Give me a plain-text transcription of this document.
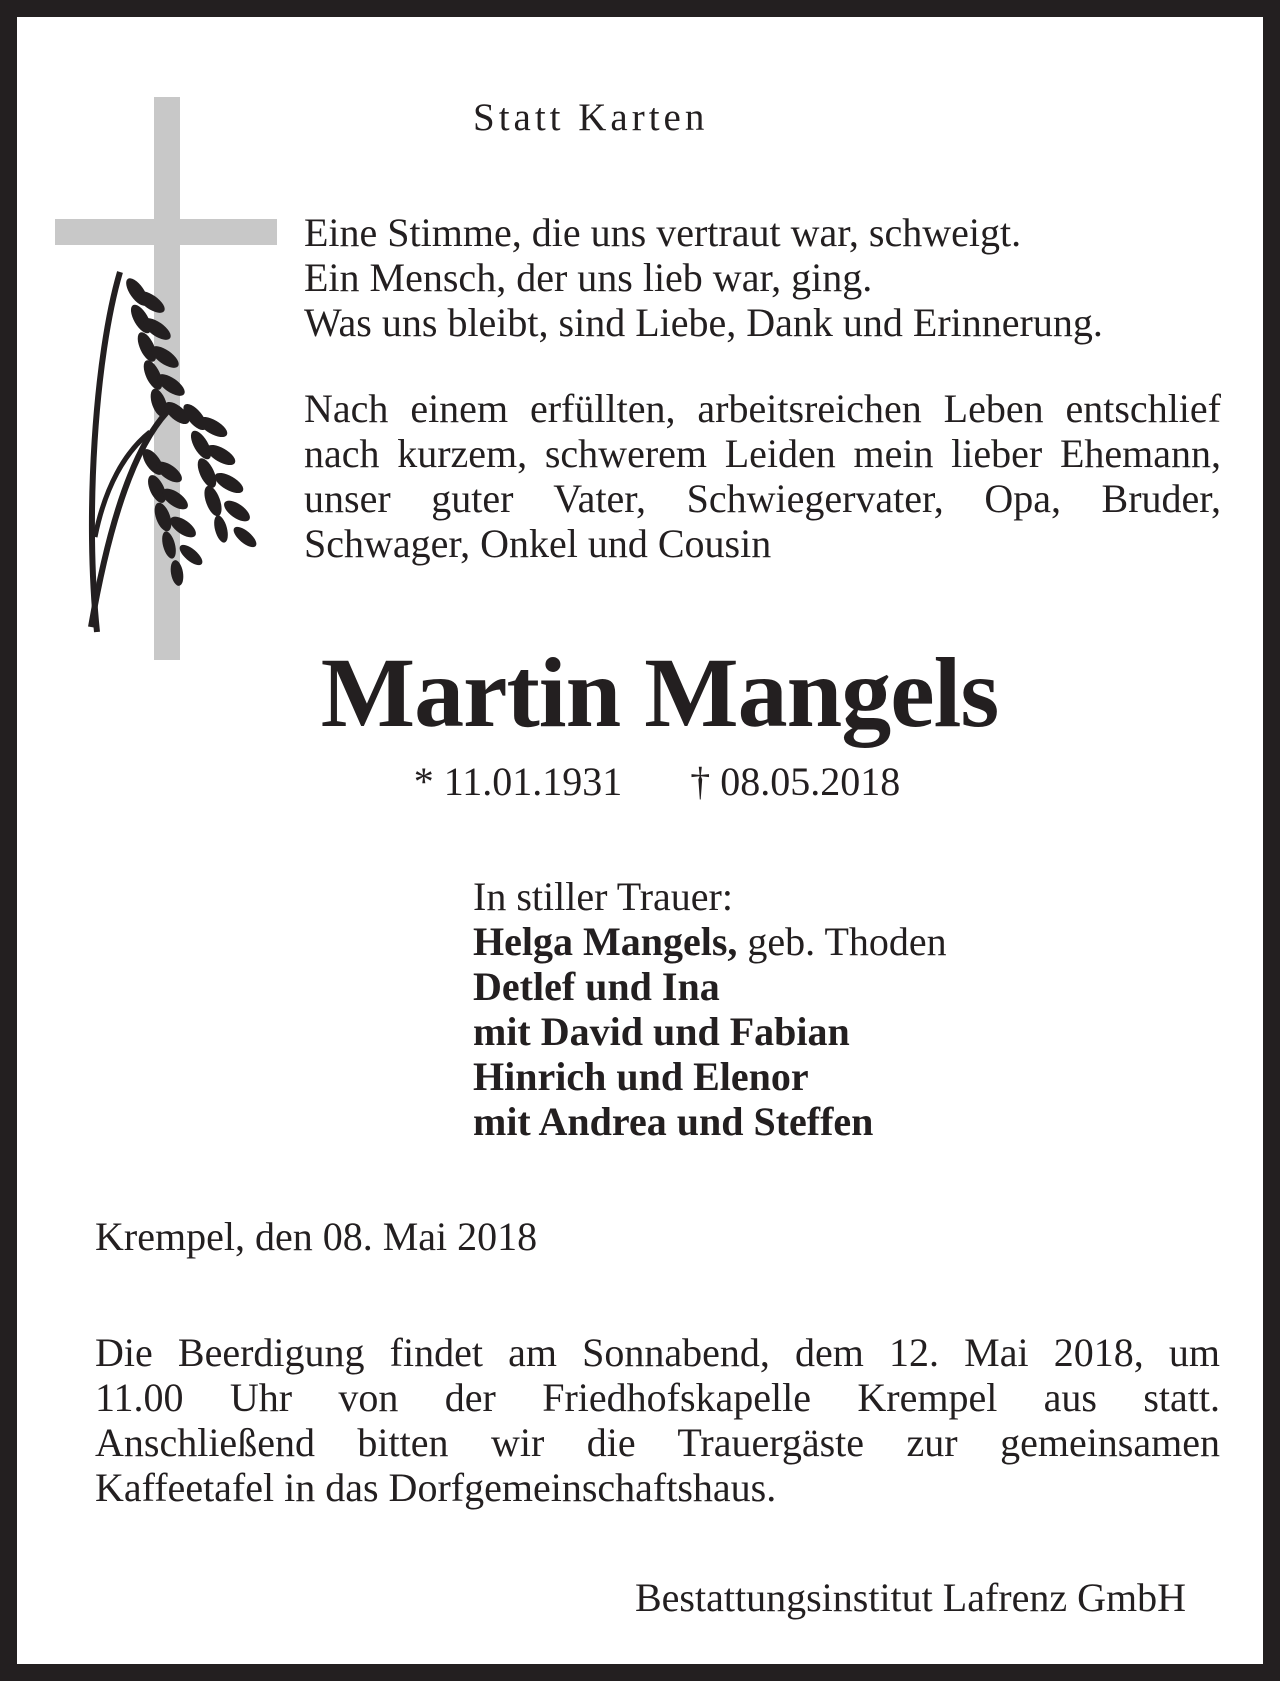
Statt Karten

Eine Stimme, die uns vertraut war, schweigt.
Ein Mensch, der uns lieb war, ging.
Was uns bleibt, sind Liebe, Dank und Erinnerung.
Nach einem erfüllten, arbeitsreichen Leben entschlief
nach kurzem, schwerem Leiden mein lieber Ehemann,
unser guter Vater, Schwiegervater, Opa, Bruder,
Schwager, Onkel und Cousin
Martin Mangels
* 11.01.1931 † 08.05.2018
In stiller Trauer:
Helga Mangels, geb. Thoden
Detlef und Ina
mit David und Fabian
Hinrich und Elenor
mit Andrea und Steffen

Krempel, den 08. Mai 2018

Die Beerdigung findet am Sonnabend, dem 12. Mai 2018, um
11.00 Uhr von der Friedhofskapelle Krempel aus statt.
Anschließend bitten wir die Trauergäste zur gemeinsamen
Kaffeetafel in das Dorfgemeinschaftshaus.

Bestattungsinstitut Lafrenz GmbH
